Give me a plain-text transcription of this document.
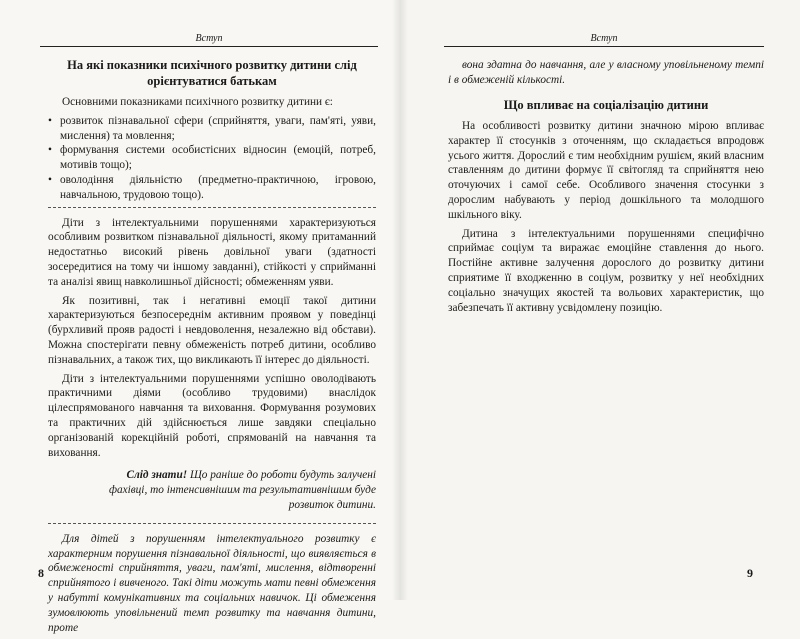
Вступ
На які показники психічного розвитку дитини слід орієнтуватися батькам

Основними показниками психічного розвитку дитини є:

• розвиток пізнавальної сфери (сприйняття, уваги, пам'яті, уяви, мислення) та мовлення;
• формування системи особистісних відносин (емоцій, потреб, мотивів тощо);
• оволодіння діяльністю (предметно-практичною, ігровою, навчальною, трудовою тощо).

Діти з інтелектуальними порушеннями характеризуються особливим розвитком пізнавальної діяльності, якому притаманний недостатньо високий рівень довільної уваги (здатності зосередитися на тому чи іншому завданні), стійкості у сприйманні та аналізі явищ навколишньої дійсності; обмеженням уяви.

Як позитивні, так і негативні емоції такої дитини характеризуються безпосереднім активним проявом у поведінці (бурхливий прояв радості і невдоволення, незалежно від обстави). Можна спостерігати певну обмеженість потреб дитини, особливо пізнавальних, а також тих, що викликають її інтерес до діяльності.

Діти з інтелектуальними порушеннями успішно оволодівають практичними діями (особливо трудовими) внаслідок цілеспрямованого навчання та виховання. Формування розумових та практичних дій здійснюється лише завдяки спеціально організованій корекційній роботі, спрямованій на навчання та виховання.

Слід знати! Що раніше до роботи будуть залучені фахівці, то інтенсивнішим та результативнішим буде розвиток дитини.

Для дітей з порушенням інтелектуального розвитку є характерним порушення пізнавальної діяльності, що виявляється в обмеженості сприйняття, уваги, пам'яті, мислення, відтворенні сприйнятого і вивченого. Такі діти можуть мати певні обмеження у набутті комунікативних та соціальних навичок. Ці обмеження зумовлюють уповільнений темп розвитку та навчання дитини, проте

8
Вступ

вона здатна до навчання, але у власному уповільненому темпі і в обмеженій кількості.

Що впливає на соціалізацію дитини

На особливості розвитку дитини значною мірою впливає характер її стосунків з оточенням, що складається впродовж усього життя. Дорослий є тим необхідним рушієм, який власним ставленням до дитини формує її світогляд та сприйняття нею оточуючих і самої себе. Особливого значення стосунки з дорослим набувають у період дошкільного та молодшого шкільного віку.

Дитина з інтелектуальними порушеннями специфічно сприймає соціум та виражає емоційне ставлення до нього. Постійне активне залучення дорослого до розвитку дитини сприятиме її входженню в соціум, розвитку у неї необхідних соціально значущих якостей та вольових характеристик, що забезпечать її активну усвідомлену позицію.

9
